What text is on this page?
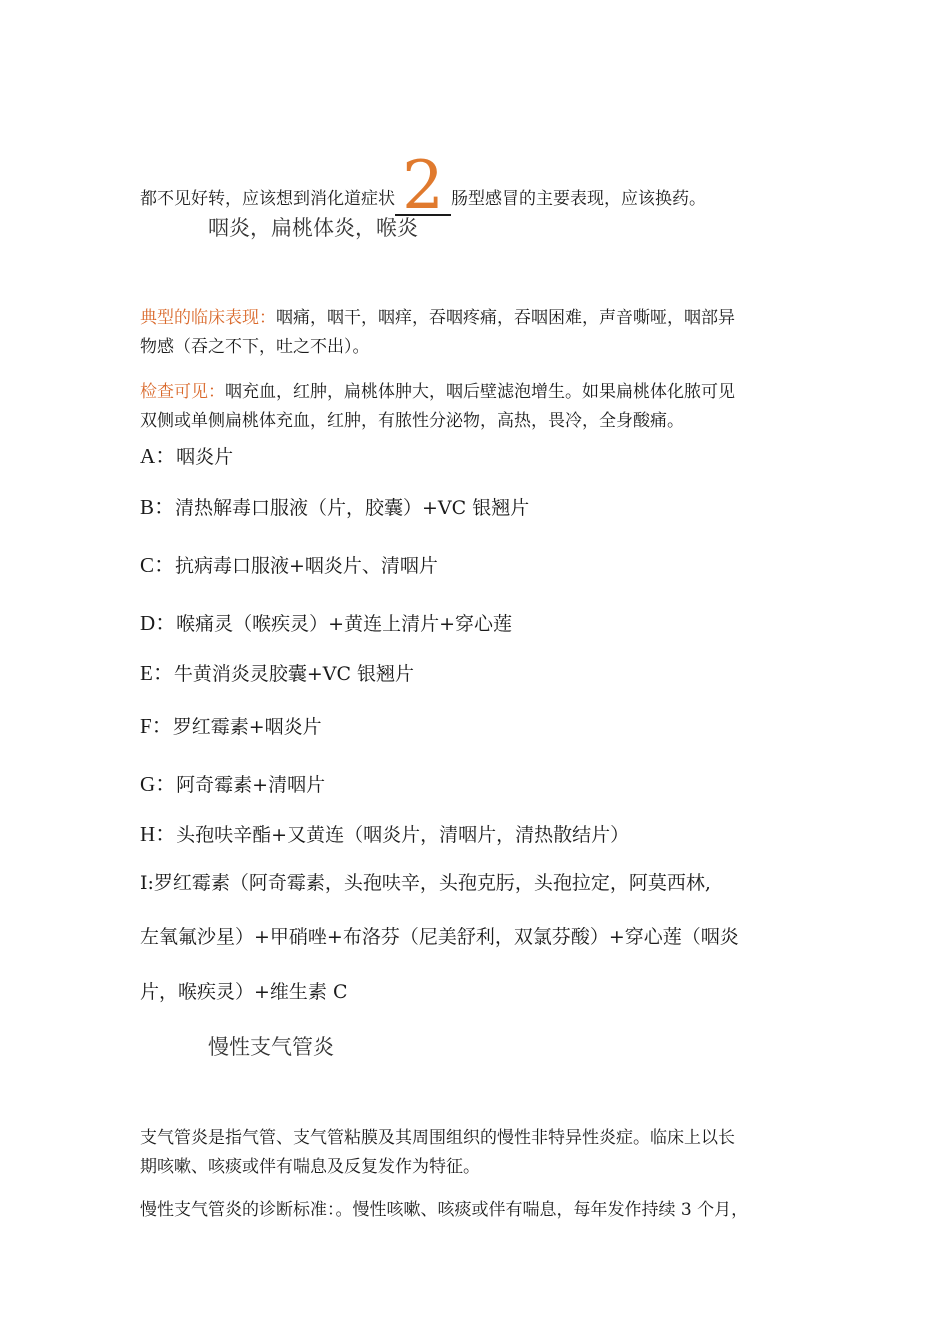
都不见好转，应该想到消化道症状 2 肠型感冒的主要表现，应该换药。
咽炎，扁桃体炎，喉炎
典型的临床表现：咽痛，咽干，咽痒，吞咽疼痛，吞咽困难，声音嘶哑，咽部异
物感（吞之不下，吐之不出）。
检查可见：咽充血，红肿，扁桃体肿大，咽后壁滤泡增生。如果扁桃体化脓可见
双侧或单侧扁桃体充血，红肿，有脓性分泌物，高热，畏冷，全身酸痛。
A：咽炎片
B：清热解毒口服液（片，胶囊）+VC 银翘片
C：抗病毒口服液+咽炎片、清咽片
D：喉痛灵（喉疾灵）+黄连上清片+穿心莲
E：牛黄消炎灵胶囊+VC 银翘片
F：罗红霉素+咽炎片
G：阿奇霉素+清咽片
H：头孢呋辛酯+又黄连（咽炎片，清咽片，清热散结片）
I:罗红霉素（阿奇霉素，头孢呋辛，头孢克肟，头孢拉定，阿莫西林,
左氧氟沙星）+甲硝唑+布洛芬（尼美舒利，双氯芬酸）+穿心莲（咽炎
片，喉疾灵）+维生素 C
慢性支气管炎
支气管炎是指气管、支气管粘膜及其周围组织的慢性非特异性炎症。临床上以长
期咳嗽、咳痰或伴有喘息及反复发作为特征。
慢性支气管炎的诊断标准：。慢性咳嗽、咳痰或伴有喘息，每年发作持续 3 个月，
